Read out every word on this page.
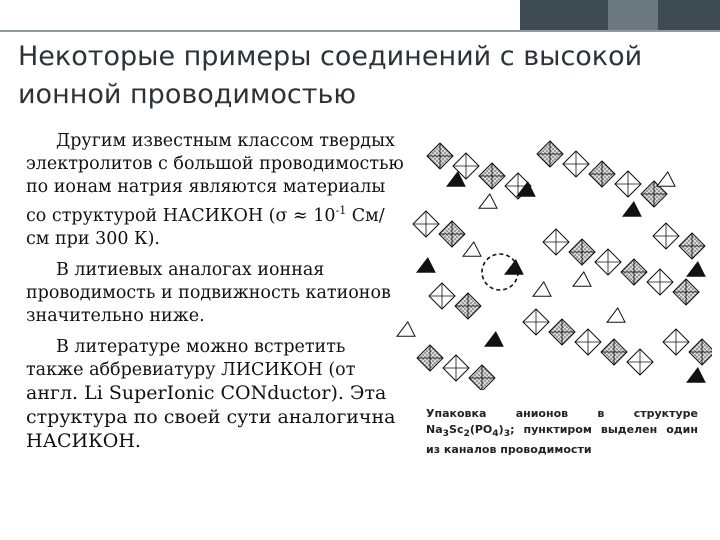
Некоторые примеры соединений с высокой ионной проводимостью

Другим известным классом твердых электролитов с большой проводимостью по ионам натрия являются материалы со структурой НАСИКОН ($\sigma \approx 10^{-1}$ См/см при 300 К).

В литиевых аналогах ионная проводимость и подвижность катионов значительно ниже.

В литературе можно встретить также аббревиатуру ЛИСИКОН (от англ. Li SuperIonic CONductor). Эта структура по своей сути аналогична НАСИКОН.

Упаковка анионов в структуре $Na_3Sc_2(PO_4)_3$; пунктиром выделен один из каналов проводимости
